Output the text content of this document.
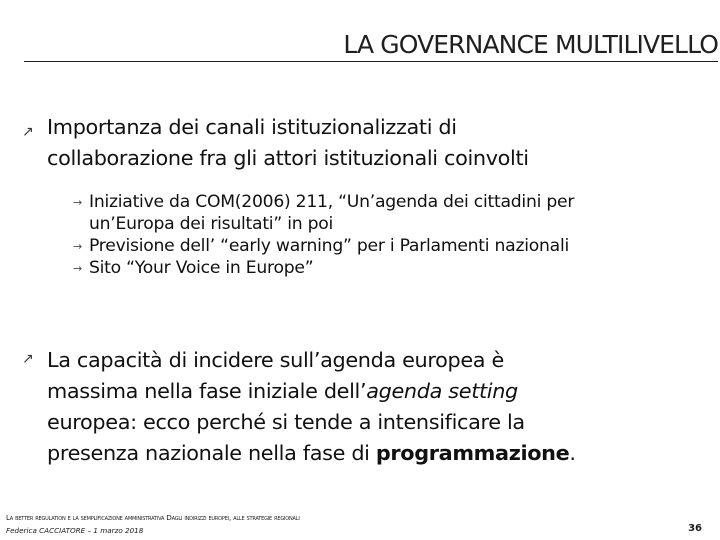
LA GOVERNANCE MULTILIVELLO
↗ Importanza dei canali istituzionalizzati di
collaborazione fra gli attori istituzionali coinvolti
→ Iniziative da COM(2006) 211, “Un’agenda dei cittadini per
un’Europa dei risultati” in poi
→ Previsione dell’ “early warning” per i Parlamenti nazionali
→ Sito “Your Voice in Europe”
↗ La capacità di incidere sull’agenda europea è
massima nella fase iniziale dell’agenda setting
europea: ecco perché si tende a intensificare la
presenza nazionale nella fase di programmazione.
La better regulation e la semplificazione amministrativa Dagli indirizzi europei, alle strategie regionali
Federica CACCIATORE – 1 marzo 2018	36
